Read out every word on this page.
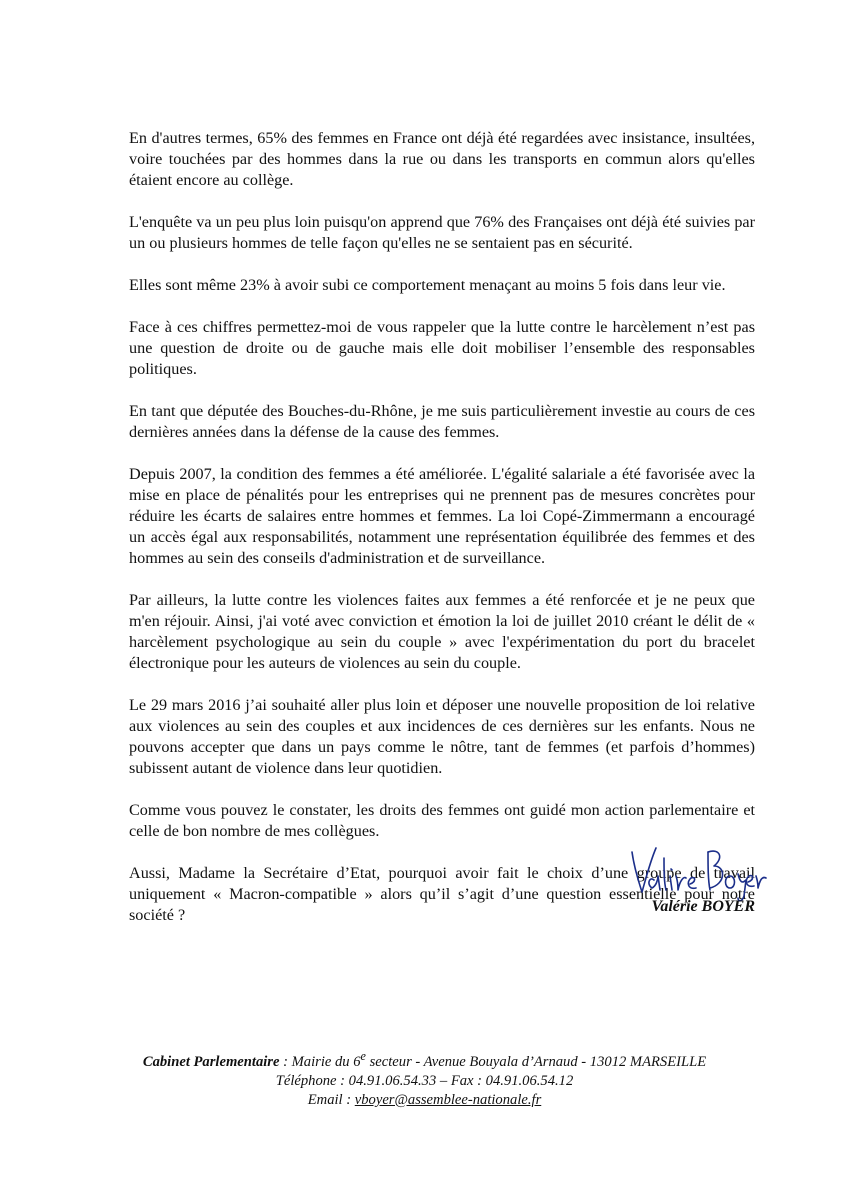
En d'autres termes, 65% des femmes en France ont déjà été regardées avec insistance, insultées, voire touchées par des hommes dans la rue ou dans les transports en commun alors qu'elles étaient encore au collège.

L'enquête va un peu plus loin puisqu'on apprend que 76% des Françaises ont déjà été suivies par un ou plusieurs hommes de telle façon qu'elles ne se sentaient pas en sécurité.

Elles sont même 23% à avoir subi ce comportement menaçant au moins 5 fois dans leur vie.

Face à ces chiffres permettez-moi de vous rappeler que la lutte contre le harcèlement n’est pas une question de droite ou de gauche mais elle doit mobiliser l’ensemble des responsables politiques.

En tant que députée des Bouches-du-Rhône, je me suis particulièrement investie au cours de ces dernières années dans la défense de la cause des femmes.

Depuis 2007, la condition des femmes a été améliorée. L'égalité salariale a été favorisée avec la mise en place de pénalités pour les entreprises qui ne prennent pas de mesures concrètes pour réduire les écarts de salaires entre hommes et femmes. La loi Copé-Zimmermann a encouragé un accès égal aux responsabilités, notamment une représentation équilibrée des femmes et des hommes au sein des conseils d'administration et de surveillance.

Par ailleurs, la lutte contre les violences faites aux femmes a été renforcée et je ne peux que m'en réjouir. Ainsi, j'ai voté avec conviction et émotion la loi de juillet 2010 créant le délit de « harcèlement psychologique au sein du couple » avec l'expérimentation du port du bracelet électronique pour les auteurs de violences au sein du couple.

Le 29 mars 2016 j’ai souhaité aller plus loin et déposer une nouvelle proposition de loi relative aux violences au sein des couples et aux incidences de ces dernières sur les enfants. Nous ne pouvons accepter que dans un pays comme le nôtre, tant de femmes (et parfois d’hommes) subissent autant de violence dans leur quotidien.

Comme vous pouvez le constater, les droits des femmes ont guidé mon action parlementaire et celle de bon nombre de mes collègues.

Aussi, Madame la Secrétaire d’Etat, pourquoi avoir fait le choix d’une groupe de travail uniquement « Macron-compatible » alors qu’il s’agit d’une question essentielle pour notre société ?	Valérie BOYER
Cabinet Parlementaire : Mairie du 6e secteur - Avenue Bouyala d’Arnaud - 13012 MARSEILLE
Téléphone : 04.91.06.54.33 – Fax : 04.91.06.54.12
Email : vboyer@assemblee-nationale.fr
